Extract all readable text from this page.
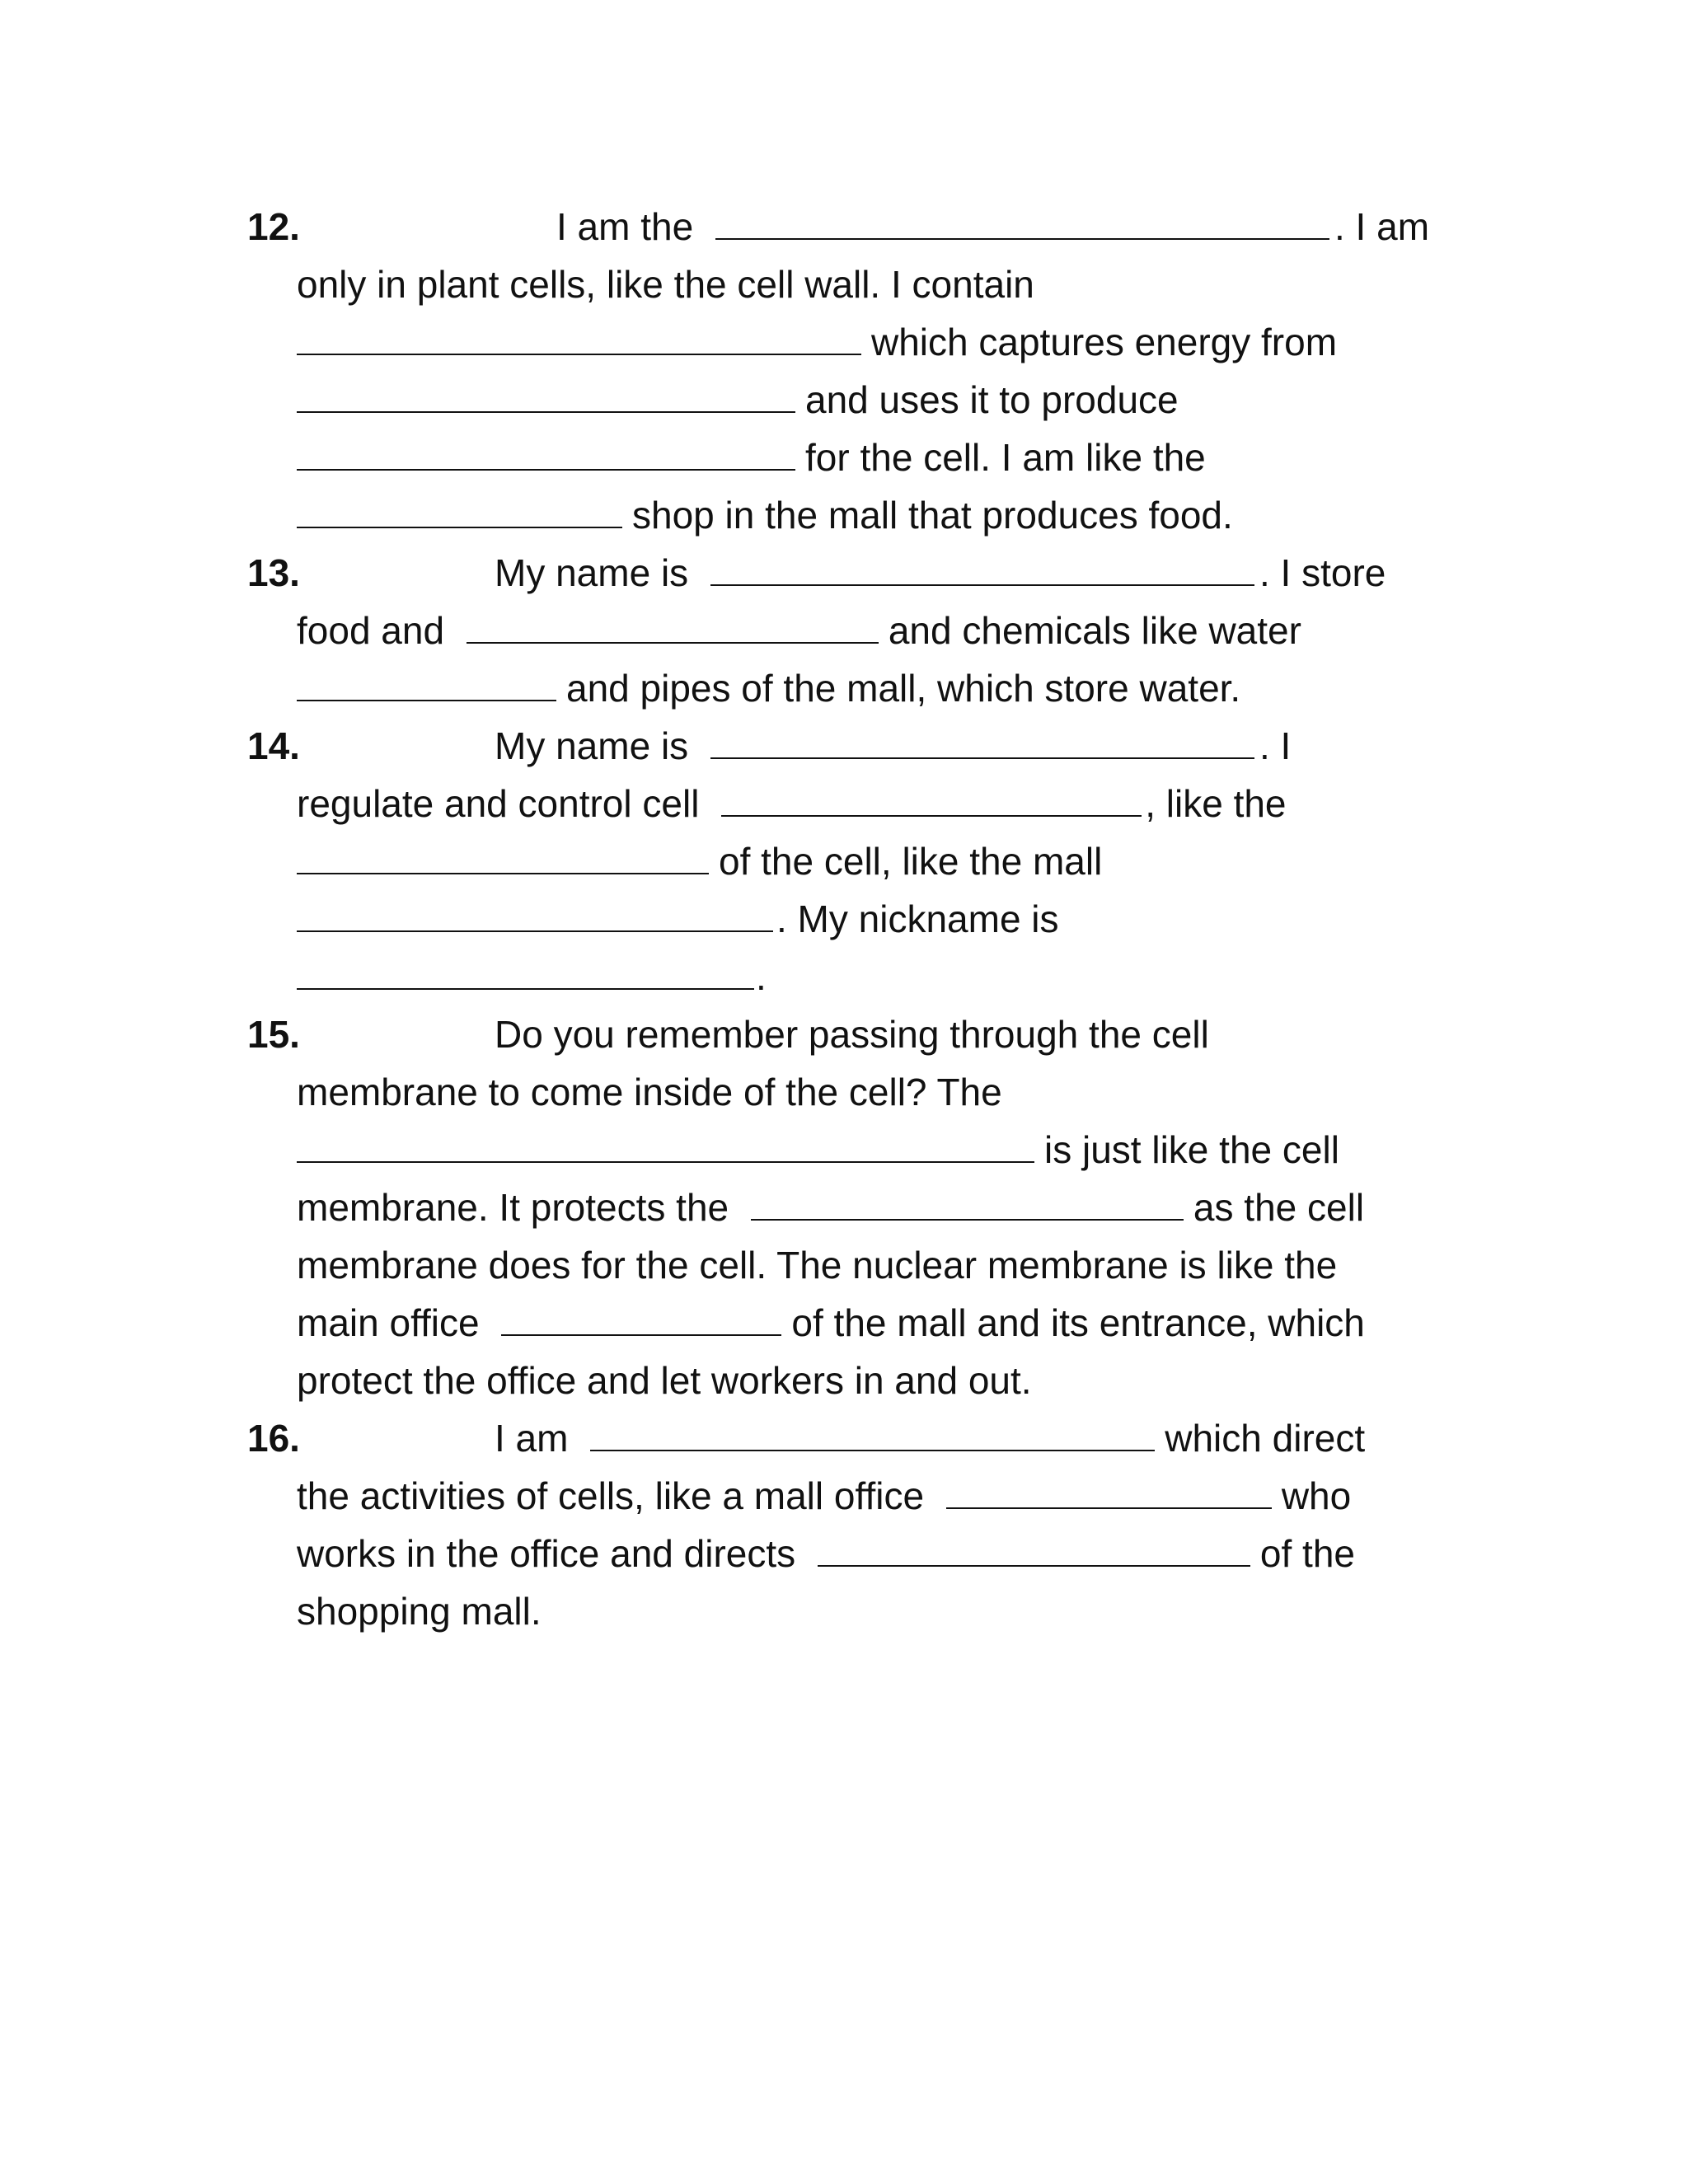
12.	I am the	. I am
only in plant cells, like the cell wall. I contain
which captures energy from
and uses it to produce
for the cell. I am like the
shop in the mall that produces food.
13.	My name is	. I store
food and	and chemicals like water
and pipes of the mall, which store water.
14.	My name is	. I
regulate and control cell	, like the
of the cell, like the mall
. My nickname is
.
15.	Do you remember passing through the cell
membrane to come inside of the cell? The
is just like the cell
membrane. It protects the	as the cell
membrane does for the cell. The nuclear membrane is like the
main office	of the mall and its entrance, which
protect the office and let workers in and out.
16.	I am	which direct
the activities of cells, like a mall office	who
works in the office and directs	of the
shopping mall.
